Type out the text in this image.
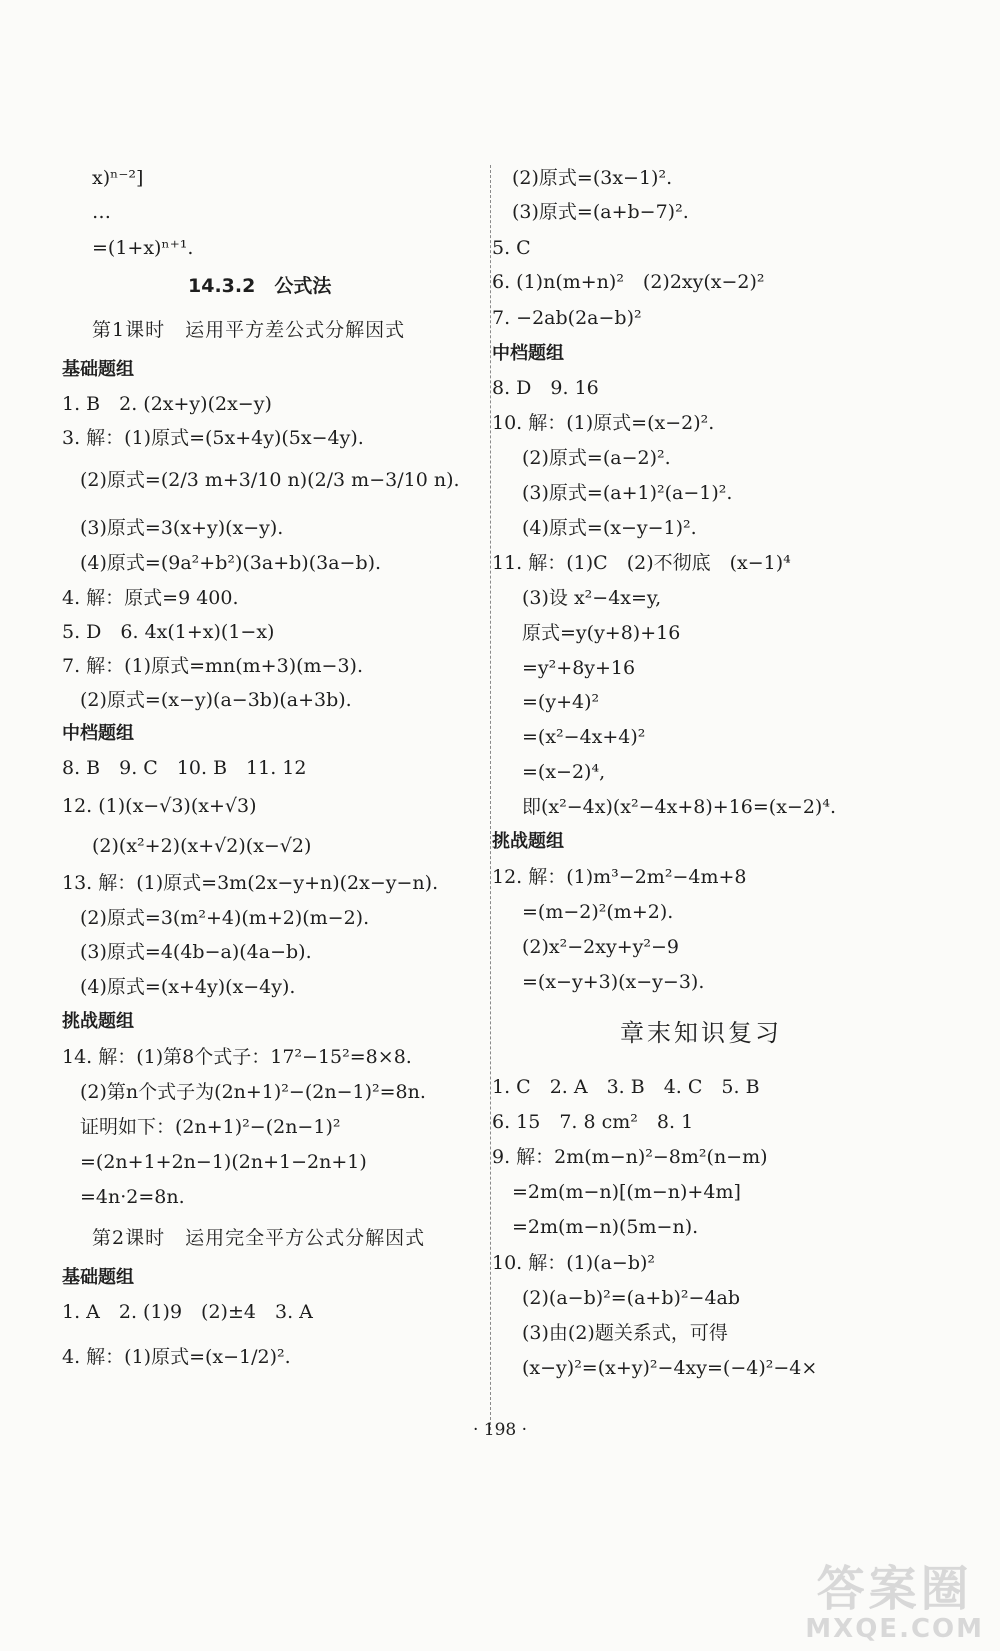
x)ⁿ⁻²]
…
=(1+x)ⁿ⁺¹.
14.3.2　公式法
第1课时　运用平方差公式分解因式
基础题组
1. B　2. (2x+y)(2x−y)
3. 解：(1)原式=(5x+4y)(5x−4y).
(2)原式=(2/3 m+3/10 n)(2/3 m−3/10 n).
(3)原式=3(x+y)(x−y).
(4)原式=(9a²+b²)(3a+b)(3a−b).
4. 解：原式=9 400.
5. D　6. 4x(1+x)(1−x)
7. 解：(1)原式=mn(m+3)(m−3).
(2)原式=(x−y)(a−3b)(a+3b).
中档题组
8. B　9. C　10. B　11. 12
12. (1)(x−√3)(x+√3)
(2)(x²+2)(x+√2)(x−√2)
13. 解：(1)原式=3m(2x−y+n)(2x−y−n).
(2)原式=3(m²+4)(m+2)(m−2).
(3)原式=4(4b−a)(4a−b).
(4)原式=(x+4y)(x−4y).
挑战题组
14. 解：(1)第8个式子：17²−15²=8×8.
(2)第n个式子为(2n+1)²−(2n−1)²=8n.
证明如下：(2n+1)²−(2n−1)²
=(2n+1+2n−1)(2n+1−2n+1)
=4n·2=8n.
第2课时　运用完全平方公式分解因式
基础题组
1. A　2. (1)9　(2)±4　3. A
4. 解：(1)原式=(x−1/2)².
(2)原式=(3x−1)².
(3)原式=(a+b−7)².
5. C
6. (1)n(m+n)²　(2)2xy(x−2)²
7. −2ab(2a−b)²
中档题组
8. D　9. 16
10. 解：(1)原式=(x−2)².
(2)原式=(a−2)².
(3)原式=(a+1)²(a−1)².
(4)原式=(x−y−1)².
11. 解：(1)C　(2)不彻底　(x−1)⁴
(3)设 x²−4x=y,
原式=y(y+8)+16
=y²+8y+16
=(y+4)²
=(x²−4x+4)²
=(x−2)⁴,
即(x²−4x)(x²−4x+8)+16=(x−2)⁴.
挑战题组
12. 解：(1)m³−2m²−4m+8
=(m−2)²(m+2).
(2)x²−2xy+y²−9
=(x−y+3)(x−y−3).
章末知识复习
1. C　2. A　3. B　4. C　5. B
6. 15　7. 8 cm²　8. 1
9. 解：2m(m−n)²−8m²(n−m)
=2m(m−n)[(m−n)+4m]
=2m(m−n)(5m−n).
10. 解：(1)(a−b)²
(2)(a−b)²=(a+b)²−4ab
(3)由(2)题关系式，可得
(x−y)²=(x+y)²−4xy=(−4)²−4×
· 198 ·
答案圈
MXQE.COM
